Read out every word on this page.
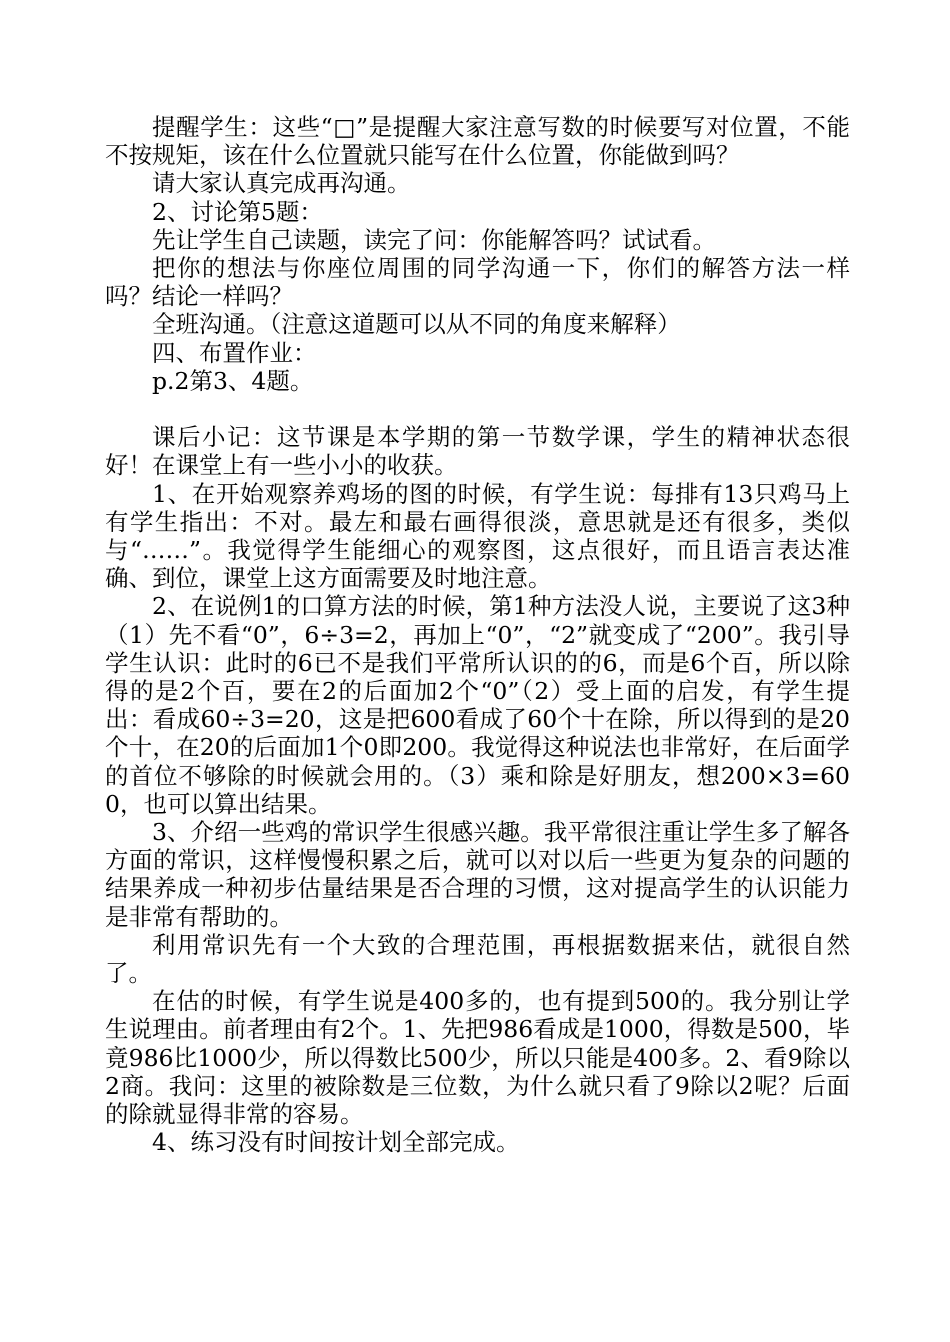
提醒学生：这些“□”是提醒大家注意写数的时候要写对位置，不能不按规矩，该在什么位置就只能写在什么位置，你能做到吗？

请大家认真完成再沟通。

2、讨论第5题：

先让学生自己读题，读完了问：你能解答吗？试试看。

把你的想法与你座位周围的同学沟通一下，你们的解答方法一样吗？结论一样吗？

全班沟通。（注意这道题可以从不同的角度来解释）

四、布置作业：

p.2第3、4题。

课后小记：这节课是本学期的第一节数学课，学生的精神状态很好！在课堂上有一些小小的收获。

1、在开始观察养鸡场的图的时候，有学生说：每排有13只鸡马上有学生指出：不对。最左和最右画得很淡，意思就是还有很多，类似与“……”。我觉得学生能细心的观察图，这点很好，而且语言表达准确、到位，课堂上这方面需要及时地注意。

2、在说例1的口算方法的时候，第1种方法没人说，主要说了这3种（1）先不看“0”，6÷3=2，再加上“0”，“2”就变成了“200”。我引导学生认识：此时的6已不是我们平常所认识的的6，而是6个百，所以除得的是2个百，要在2的后面加2个“0”（2）受上面的启发，有学生提出：看成60÷3=20，这是把600看成了60个十在除，所以得到的是20个十，在20的后面加1个0即200。我觉得这种说法也非常好，在后面学的首位不够除的时候就会用的。（3）乘和除是好朋友，想200×3=600，也可以算出结果。

3、介绍一些鸡的常识学生很感兴趣。我平常很注重让学生多了解各方面的常识，这样慢慢积累之后，就可以对以后一些更为复杂的问题的结果养成一种初步估量结果是否合理的习惯，这对提高学生的认识能力是非常有帮助的。

利用常识先有一个大致的合理范围，再根据数据来估，就很自然了。

在估的时候，有学生说是400多的，也有提到500的。我分别让学生说理由。前者理由有2个。1、先把986看成是1000，得数是500，毕竟986比1000少，所以得数比500少，所以只能是400多。2、看9除以2商。我问：这里的被除数是三位数，为什么就只看了9除以2呢？后面的除就显得非常的容易。

4、练习没有时间按计划全部完成。
